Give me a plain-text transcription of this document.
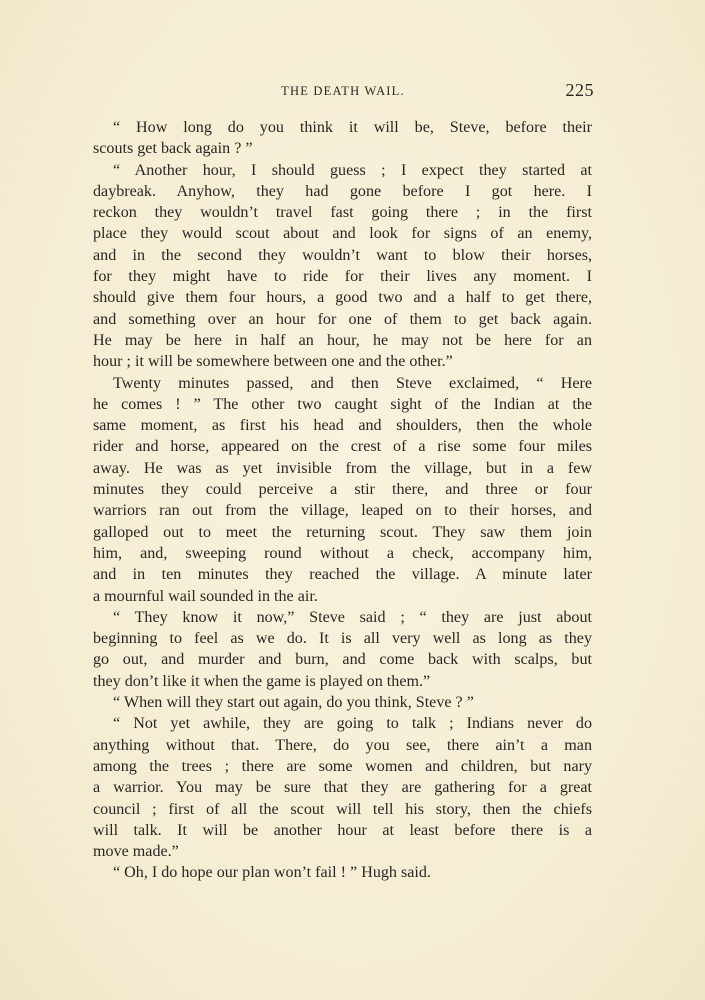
THE DEATH WAIL.	225
“ How long do you think it will be, Steve, before their
scouts get back again ? ”
“ Another hour, I should guess ; I expect they started at
daybreak. Anyhow, they had gone before I got here. I
reckon they wouldn’t travel fast going there ; in the first
place they would scout about and look for signs of an enemy,
and in the second they wouldn’t want to blow their horses,
for they might have to ride for their lives any moment. I
should give them four hours, a good two and a half to get there,
and something over an hour for one of them to get back again.
He may be here in half an hour, he may not be here for an
hour ; it will be somewhere between one and the other.”
Twenty minutes passed, and then Steve exclaimed, “ Here
he comes ! ” The other two caught sight of the Indian at the
same moment, as first his head and shoulders, then the whole
rider and horse, appeared on the crest of a rise some four miles
away. He was as yet invisible from the village, but in a few
minutes they could perceive a stir there, and three or four
warriors ran out from the village, leaped on to their horses, and
galloped out to meet the returning scout. They saw them join
him, and, sweeping round without a check, accompany him,
and in ten minutes they reached the village. A minute later
a mournful wail sounded in the air.
“ They know it now,” Steve said ; “ they are just about
beginning to feel as we do. It is all very well as long as they
go out, and murder and burn, and come back with scalps, but
they don’t like it when the game is played on them.”
“ When will they start out again, do you think, Steve ? ”
“ Not yet awhile, they are going to talk ; Indians never do
anything without that. There, do you see, there ain’t a man
among the trees ; there are some women and children, but nary
a warrior. You may be sure that they are gathering for a great
council ; first of all the scout will tell his story, then the chiefs
will talk. It will be another hour at least before there is a
move made.”
“ Oh, I do hope our plan won’t fail ! ” Hugh said.
